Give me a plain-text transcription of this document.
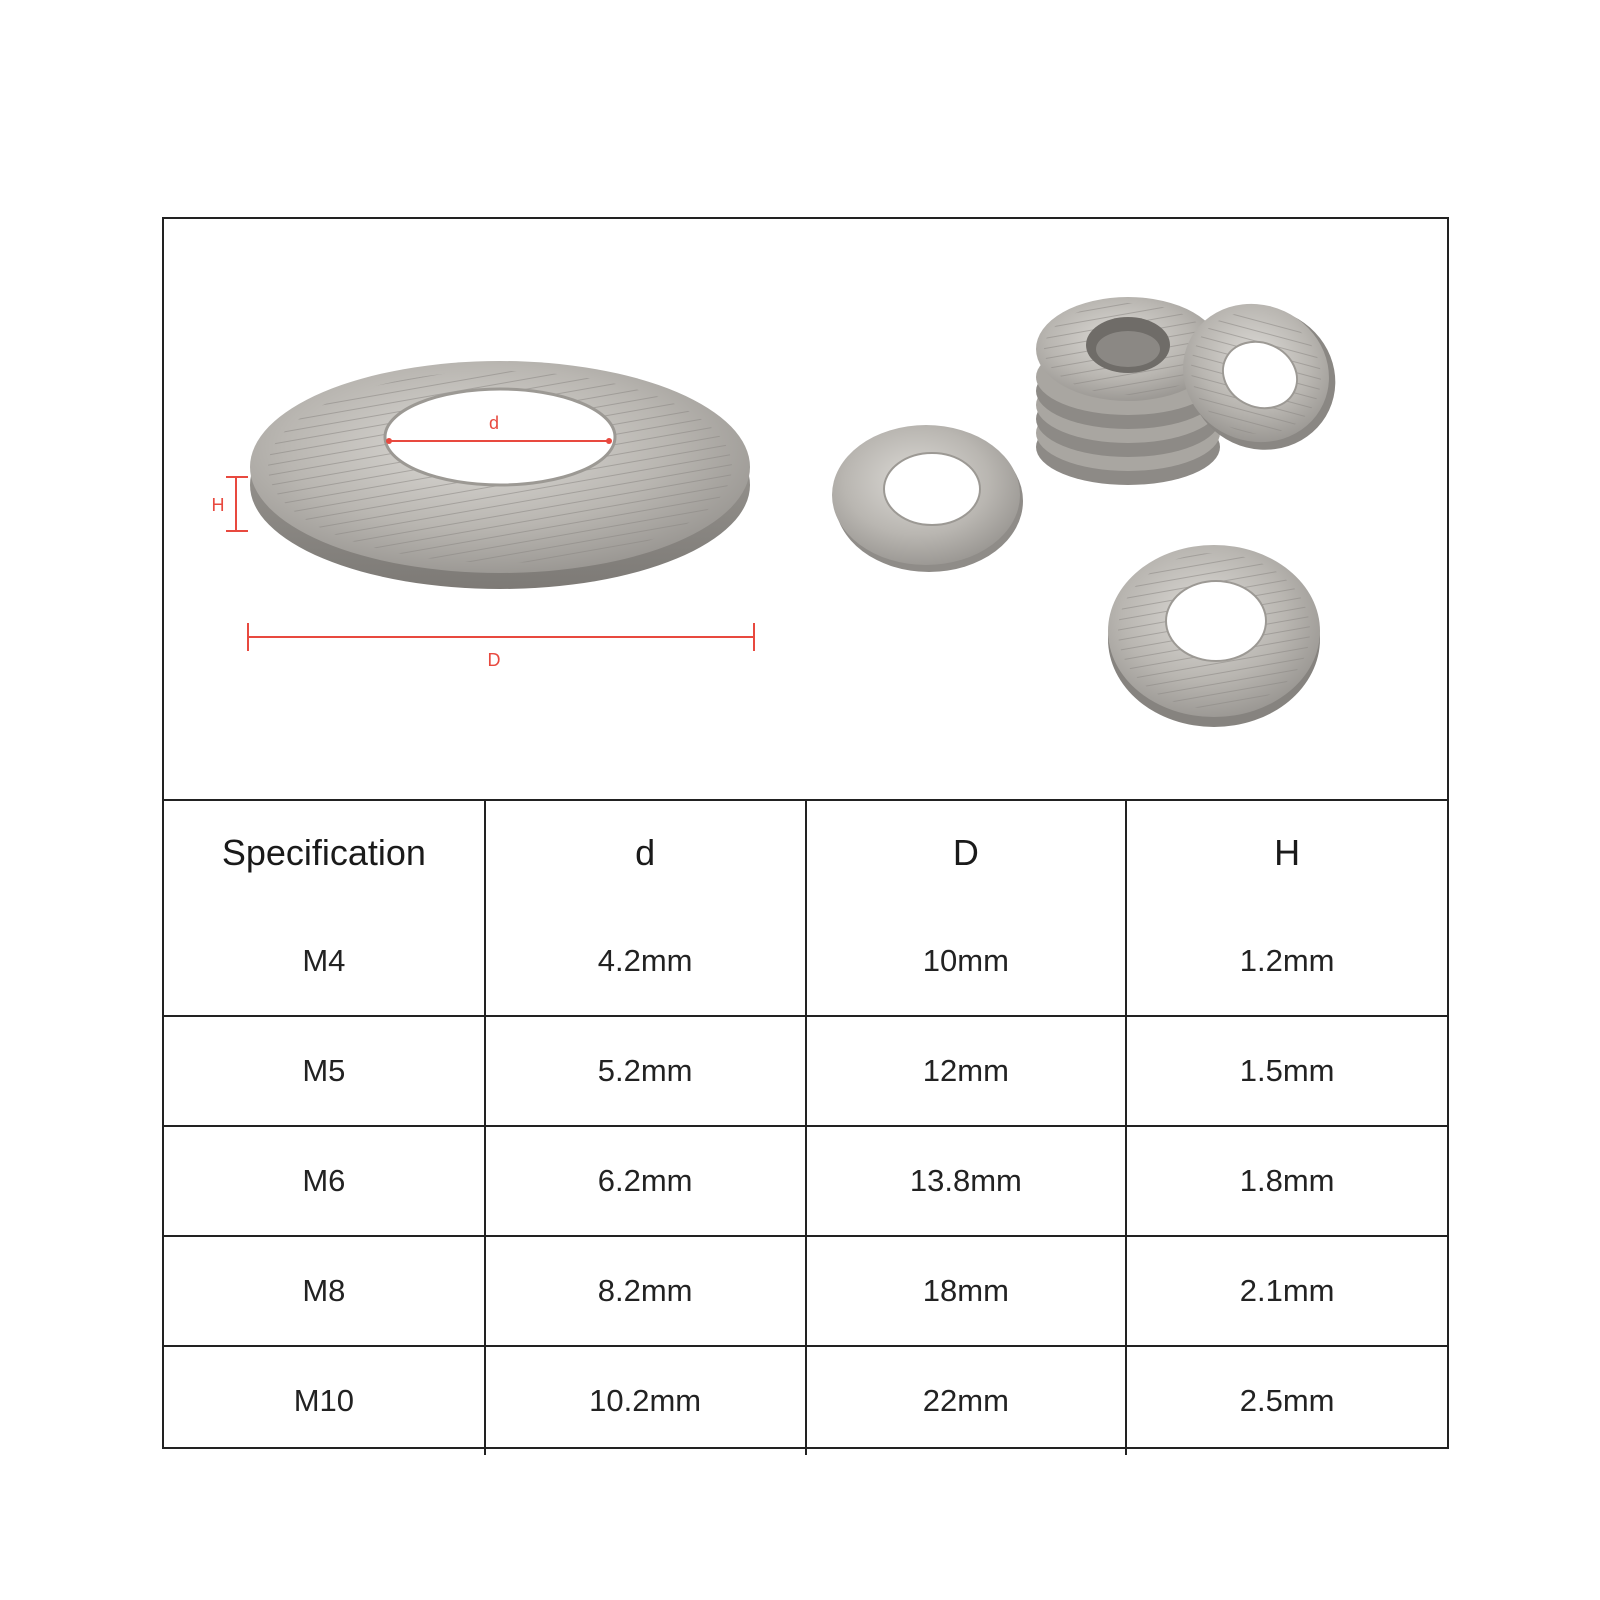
d
H
D
Specification	d	D	H
M4	4.2mm	10mm	1.2mm
M5	5.2mm	12mm	1.5mm
M6	6.2mm	13.8mm	1.8mm
M8	8.2mm	18mm	2.1mm
M10	10.2mm	22mm	2.5mm
